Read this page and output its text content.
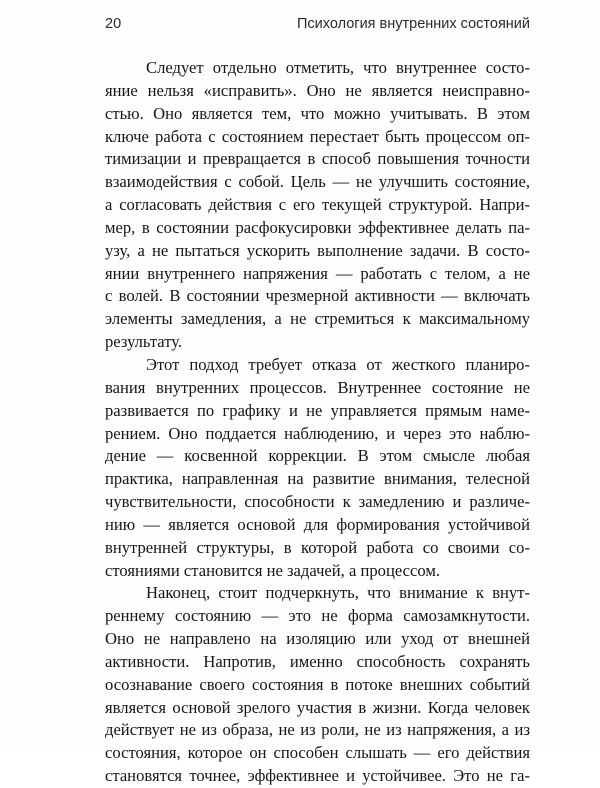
20	Психология внутренних состояний
Следует отдельно отметить, что внутреннее состо-
яние нельзя «исправить». Оно не является неисправно-
стью. Оно является тем, что можно учитывать. В этом
ключе работа с состоянием перестает быть процессом оп-
тимизации и превращается в способ повышения точности
взаимодействия с собой. Цель — не улучшить состояние,
а согласовать действия с его текущей структурой. Напри-
мер, в состоянии расфокусировки эффективнее делать па-
узу, а не пытаться ускорить выполнение задачи. В состо-
янии внутреннего напряжения — работать с телом, а не
с волей. В состоянии чрезмерной активности — включать
элементы замедления, а не стремиться к максимальному
результату.
Этот подход требует отказа от жесткого планиро-
вания внутренних процессов. Внутреннее состояние не
развивается по графику и не управляется прямым наме-
рением. Оно поддается наблюдению, и через это наблю-
дение — косвенной коррекции. В этом смысле любая
практика, направленная на развитие внимания, телесной
чувствительности, способности к замедлению и различе-
нию — является основой для формирования устойчивой
внутренней структуры, в которой работа со своими со-
стояниями становится не задачей, а процессом.
Наконец, стоит подчеркнуть, что внимание к внут-
реннему состоянию — это не форма самозамкнутости.
Оно не направлено на изоляцию или уход от внешней
активности. Напротив, именно способность сохранять
осознавание своего состояния в потоке внешних событий
является основой зрелого участия в жизни. Когда человек
действует не из образа, не из роли, не из напряжения, а из
состояния, которое он способен слышать — его действия
становятся точнее, эффективнее и устойчивее. Это не га-
